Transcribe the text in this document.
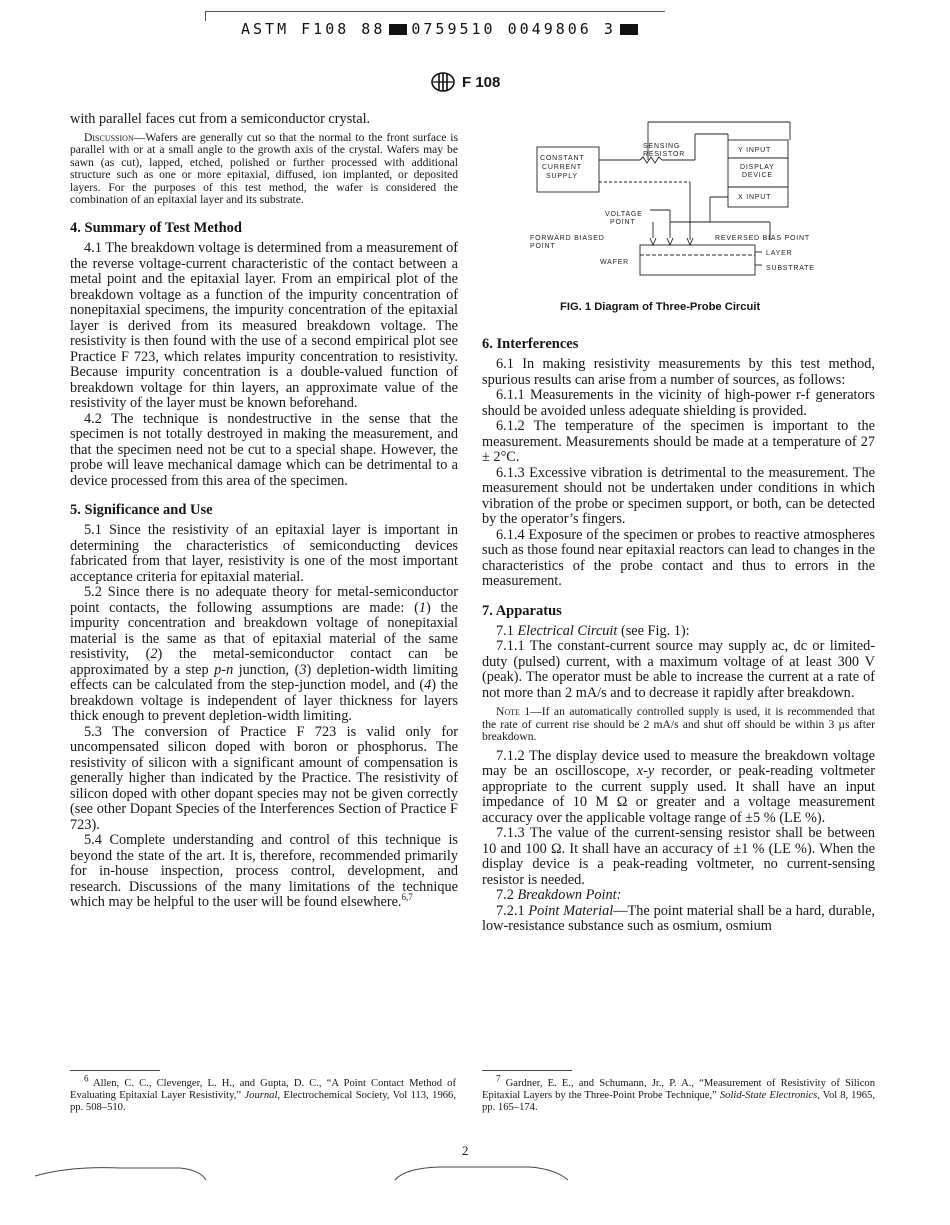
ASTM F108 88 0759510 0049806 3
F 108

with parallel faces cut from a semiconductor crystal.

Discussion—Wafers are generally cut so that the normal to the front surface is parallel with or at a small angle to the growth axis of the crystal. Wafers may be sawn (as cut), lapped, etched, polished or further processed with additional structure such as one or more epitaxial, diffused, ion implanted, or deposited layers. For the purposes of this test method, the wafer is considered the combination of an epitaxial layer and its substrate.

4. Summary of Test Method

4.1 The breakdown voltage is determined from a measurement of the reverse voltage-current characteristic of the contact between a metal point and the epitaxial layer. From an empirical plot of the breakdown voltage as a function of the impurity concentration of nonepitaxial specimens, the impurity concentration of the epitaxial layer is derived from its measured breakdown voltage. The resistivity is then found with the use of a second empirical plot see Practice F 723, which relates impurity concentration to resistivity. Because impurity concentration is a double-valued function of breakdown voltage for thin layers, an approximate value of the resistivity of the layer must be known beforehand.

4.2 The technique is nondestructive in the sense that the specimen is not totally destroyed in making the measurement, and that the specimen need not be cut to a special shape. However, the probe will leave mechanical damage which can be detrimental to a device processed from this area of the specimen.

5. Significance and Use

5.1 Since the resistivity of an epitaxial layer is important in determining the characteristics of semiconducting devices fabricated from that layer, resistivity is one of the most important acceptance criteria for epitaxial material.

5.2 Since there is no adequate theory for metal-semiconductor point contacts, the following assumptions are made: (1) the impurity concentration and breakdown voltage of nonepitaxial material is the same as that of epitaxial material of the same resistivity, (2) the metal-semiconductor contact can be approximated by a step p-n junction, (3) depletion-width limiting effects can be calculated from the step-junction model, and (4) the breakdown voltage is independent of layer thickness for layers thick enough to prevent depletion-width limiting.

5.3 The conversion of Practice F 723 is valid only for uncompensated silicon doped with boron or phosphorus. The resistivity of silicon with a significant amount of compensation is generally higher than indicated by the Practice. The resistivity of silicon doped with other dopant species may not be given correctly (see other Dopant Species of the Interferences Section of Practice F 723).

5.4 Complete understanding and control of this technique is beyond the state of the art. It is, therefore, recommended primarily for in-house inspection, process control, development, and research. Discussions of the many limitations of the technique which may be helpful to the user will be found elsewhere.$^{6,7}$

CONSTANT
CURRENT
SUPPLY
SENSING
RESISTOR
Y INPUT
DISPLAY
DEVICE
X INPUT
VOLTAGE
POINT
FORWARD BIASED
POINT
REVERSED BIAS POINT
WAFER
LAYER
SUBSTRATE
FIG. 1 Diagram of Three-Probe Circuit
6. Interferences

6.1 In making resistivity measurements by this test method, spurious results can arise from a number of sources, as follows:

6.1.1 Measurements in the vicinity of high-power r-f generators should be avoided unless adequate shielding is provided.

6.1.2 The temperature of the specimen is important to the measurement. Measurements should be made at a temperature of 27 ± 2°C.

6.1.3 Excessive vibration is detrimental to the measurement. The measurement should not be undertaken under conditions in which vibration of the probe or specimen support, or both, can be detected by the operator’s fingers.

6.1.4 Exposure of the specimen or probes to reactive atmospheres such as those found near epitaxial reactors can lead to changes in the characteristics of the probe contact and thus to errors in the measurement.

7. Apparatus

7.1 Electrical Circuit (see Fig. 1):

7.1.1 The constant-current source may supply ac, dc or limited-duty (pulsed) current, with a maximum voltage of at least 300 V (peak). The operator must be able to increase the current at a rate of not more than 2 mA/s and to decrease it rapidly after breakdown.

Note 1—If an automatically controlled supply is used, it is recommended that the rate of current rise should be 2 mA/s and shut off should be within 3 µs after breakdown.

7.1.2 The display device used to measure the breakdown voltage may be an oscilloscope, x-y recorder, or peak-reading voltmeter appropriate to the current supply used. It shall have an input impedance of 10 M Ω or greater and a voltage measurement accuracy over the applicable voltage range of ±5 % (LE %).

7.1.3 The value of the current-sensing resistor shall be between 10 and 100 Ω. It shall have an accuracy of ±1 % (LE %). When the display device is a peak-reading voltmeter, no current-sensing resistor is needed.

7.2 Breakdown Point:

7.2.1 Point Material—The point material shall be a hard, durable, low-resistance substance such as osmium, osmium

$^6$ Allen, C. C., Clevenger, L. H., and Gupta, D. C., “A Point Contact Method of Evaluating Epitaxial Layer Resistivity,” Journal, Electrochemical Society, Vol 113, 1966, pp. 508–510.

$^7$ Gardner, E. E., and Schumann, Jr., P. A., “Measurement of Resistivity of Silicon Epitaxial Layers by the Three-Point Probe Technique,” Solid-State Electronics, Vol 8, 1965, pp. 165–174.

2
